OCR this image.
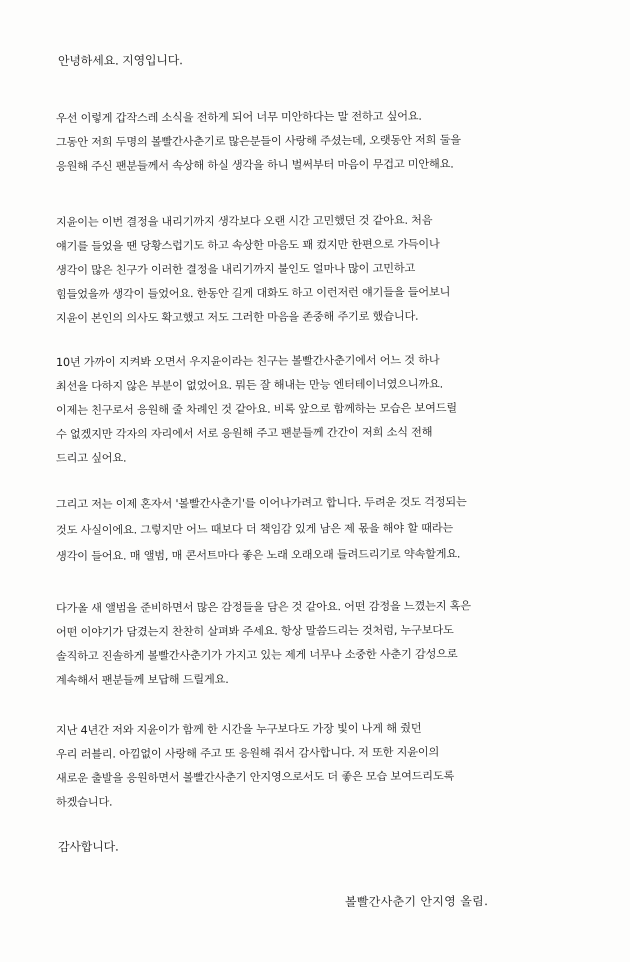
안녕하세요. 지영입니다.
우선 이렇게 갑작스레 소식을 전하게 되어 너무 미안하다는 말 전하고 싶어요.
그동안 저희 두명의 볼빨간사춘기로 많은분들이 사랑해 주셨는데, 오랫동안 저희 둘을
응원해 주신 팬분들께서 속상해 하실 생각을 하니 벌써부터 마음이 무겁고 미안해요.
지윤이는 이번 결정을 내리기까지 생각보다 오랜 시간 고민했던 것 같아요. 처음
얘기를 들었을 땐 당황스럽기도 하고 속상한 마음도 꽤 컸지만 한편으로 가득이나
생각이 많은 친구가 이러한 결정을 내리기까지 불인도 얼마나 많이 고민하고
힘들었을까 생각이 들었어요. 한동안 길게 대화도 하고 이런저런 얘기들을 들어보니
지윤이 본인의 의사도 확고했고 저도 그러한 마음을 존중해 주기로 했습니다.
10년 가까이 지켜봐 오면서 우지윤이라는 친구는 볼빨간사춘기에서 어느 것 하나
최선을 다하지 않은 부분이 없었어요. 뭐든 잘 해내는 만능 엔터테이너였으니까요.
이제는 친구로서 응원해 줄 차례인 것 같아요. 비록 앞으로 함께하는 모습은 보여드릴
수 없겠지만 각자의 자리에서 서로 응원해 주고 팬분들께 간간이 저희 소식 전해
드리고 싶어요.
그리고 저는 이제 혼자서 '볼빨간사춘기'를 이어나가려고 합니다. 두려운 것도 걱정되는
것도 사실이에요. 그렇지만 어느 때보다 더 책임감 있게 남은 제 몫을 해야 할 때라는
생각이 들어요. 매 앨범, 매 콘서트마다 좋은 노래 오래오래 들려드리기로 약속할게요.
다가올 새 앨범을 준비하면서 많은 감정들을 담은 것 같아요. 어떤 감정을 느꼈는지 혹은
어떤 이야기가 담겼는지 찬찬히 살펴봐 주세요. 항상 말씀드리는 것처럼, 누구보다도
솔직하고 진솔하게 볼빨간사춘기가 가지고 있는 제게 너무나 소중한 사춘기 감성으로
계속해서 팬분들께 보답해 드릴게요.
지난 4년간 저와 지윤이가 함께 한 시간을 누구보다도 가장 빛이 나게 해 줬던
우리 러블리. 아낌없이 사랑해 주고 또 응원해 줘서 감사합니다. 저 또한 지윤이의
새로운 출발을 응원하면서 볼빨간사춘기 안지영으로서도 더 좋은 모습 보여드리도록
하겠습니다.
감사합니다.
볼빨간사춘기 안지영 올림.
